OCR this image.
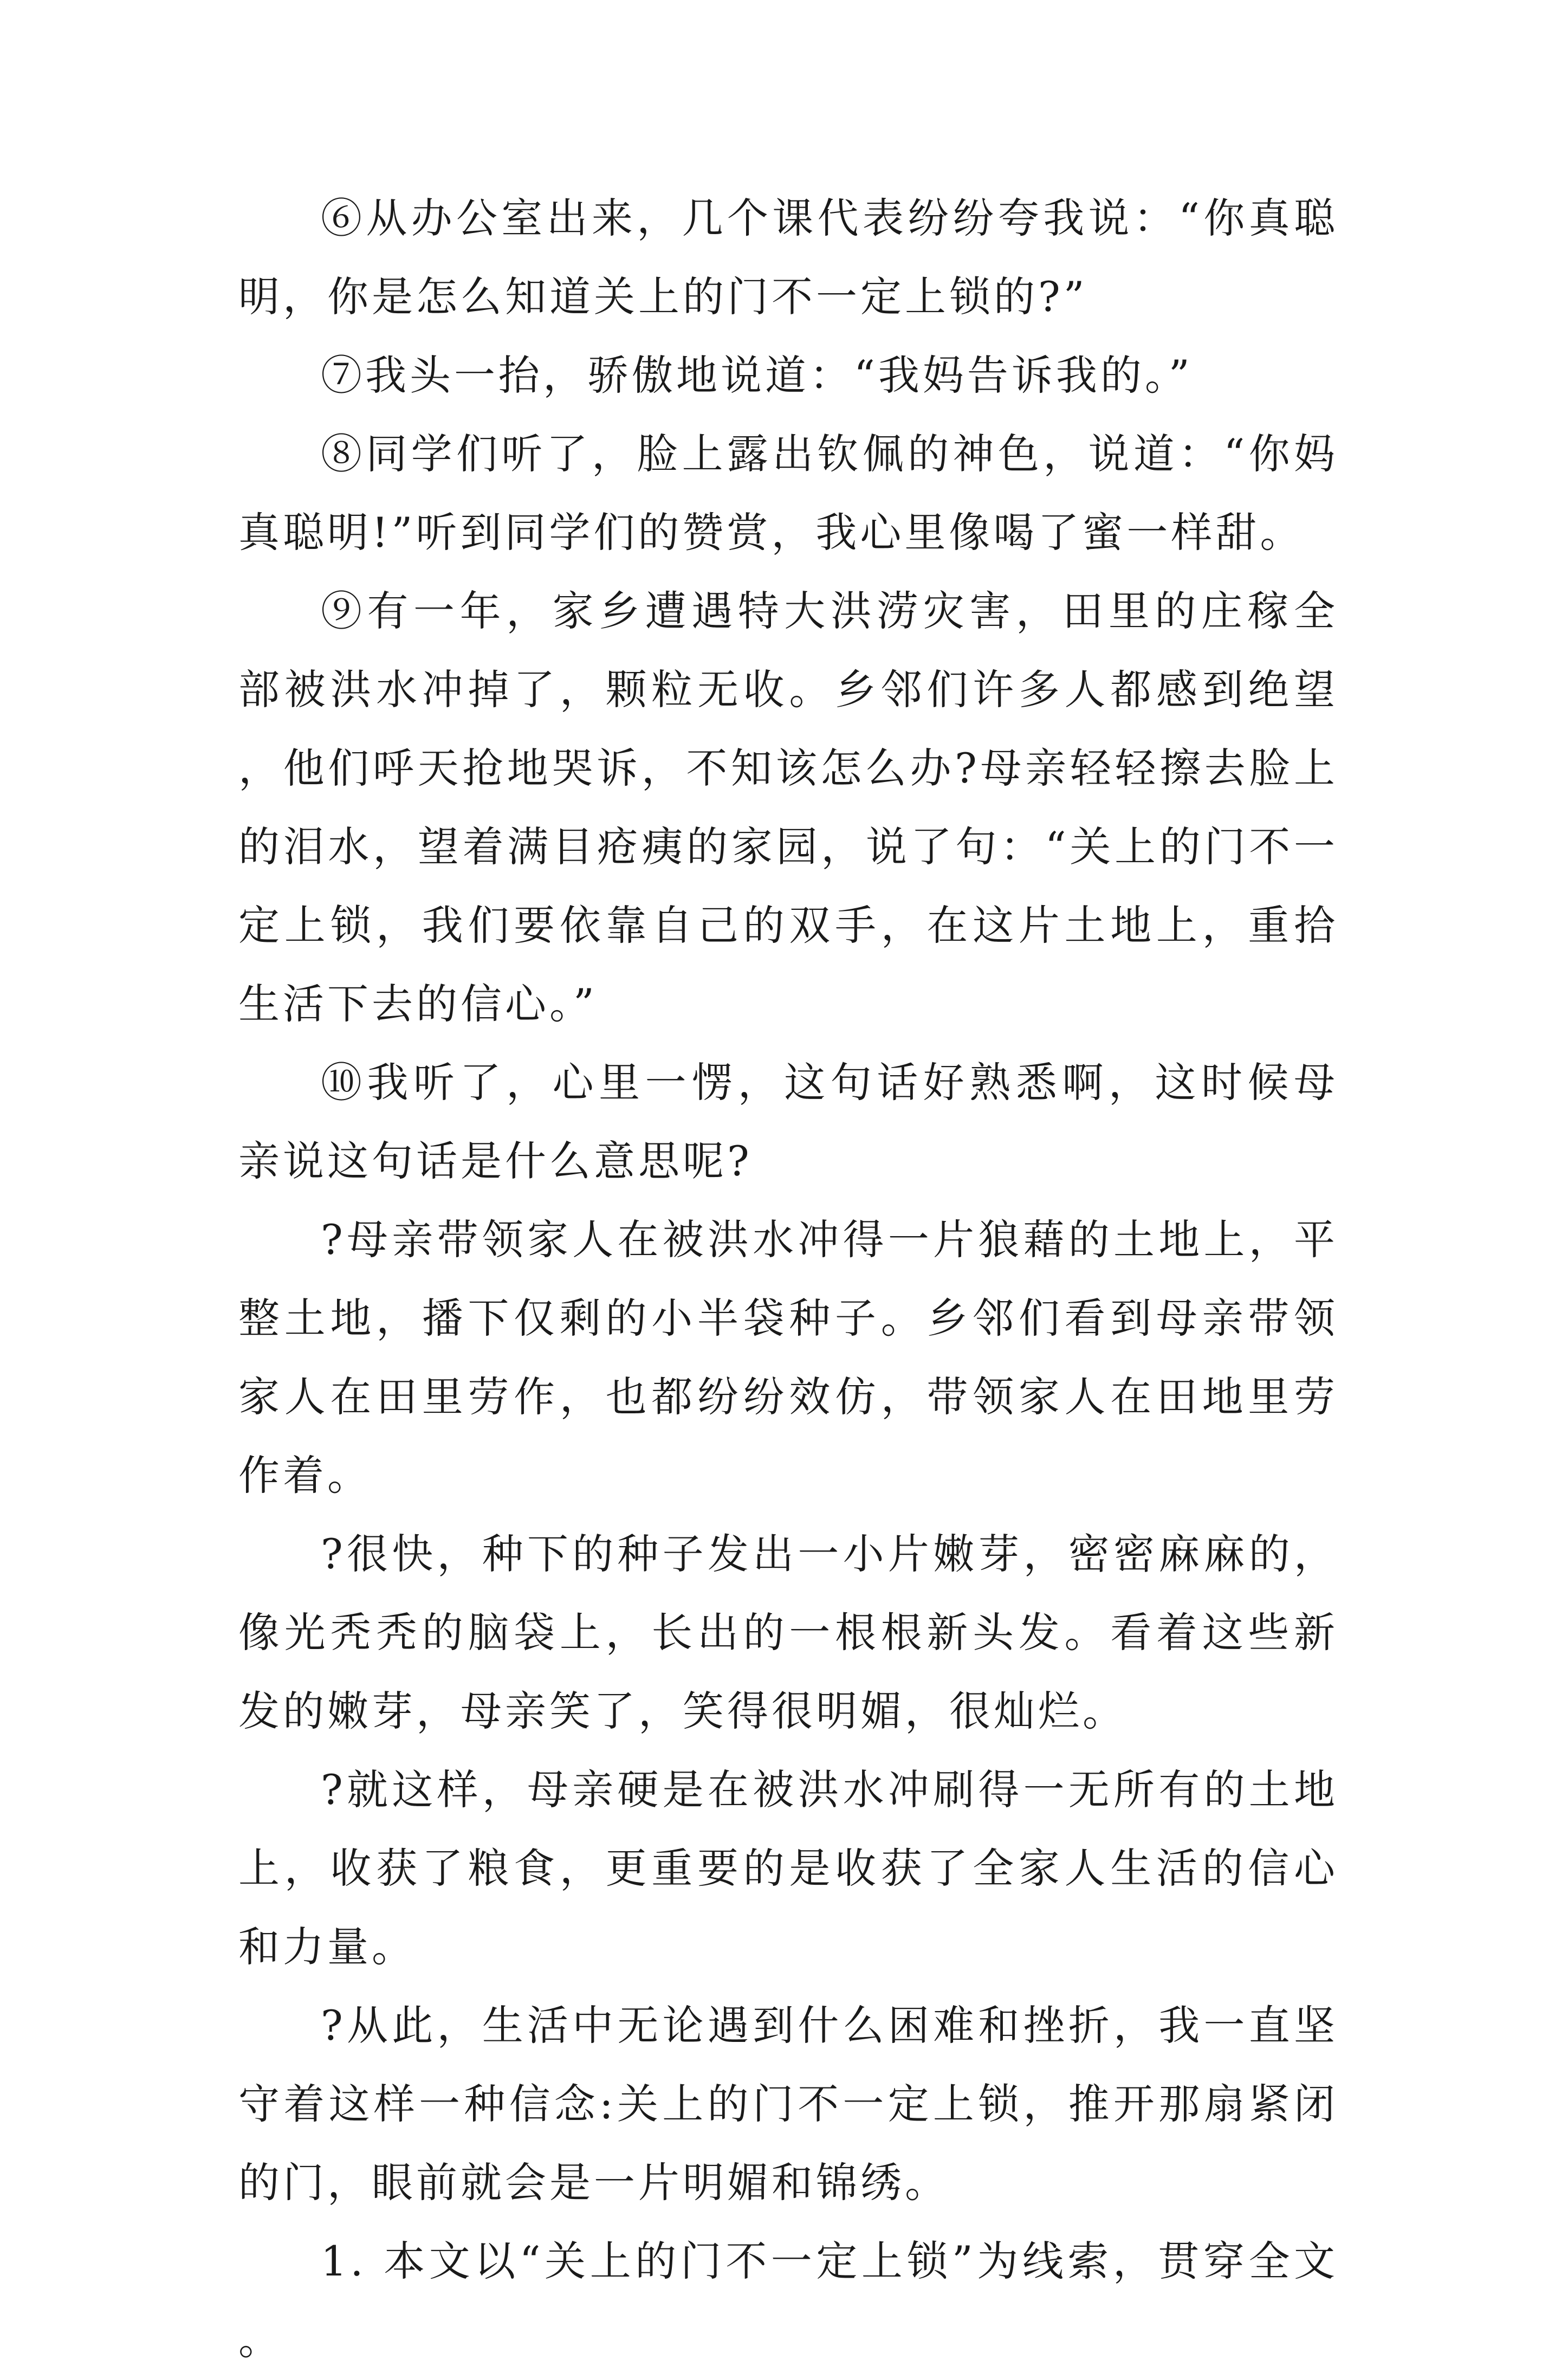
⑥从办公室出来，几个课代表纷纷夸我说：“你真聪明，你是怎么知道关上的门不一定上锁的?”

⑦我头一抬，骄傲地说道：“我妈告诉我的。”

⑧同学们听了，脸上露出钦佩的神色，说道：“你妈真聪明!”听到同学们的赞赏，我心里像喝了蜜一样甜。

⑨有一年，家乡遭遇特大洪涝灾害，田里的庄稼全部被洪水冲掉了，颗粒无收。乡邻们许多人都感到绝望，他们呼天抢地哭诉，不知该怎么办?母亲轻轻擦去脸上的泪水，望着满目疮痍的家园，说了句：“关上的门不一定上锁，我们要依靠自己的双手，在这片土地上，重拾生活下去的信心。”

⑩我听了，心里一愣，这句话好熟悉啊，这时候母亲说这句话是什么意思呢?

?母亲带领家人在被洪水冲得一片狼藉的土地上，平整土地，播下仅剩的小半袋种子。乡邻们看到母亲带领家人在田里劳作，也都纷纷效仿，带领家人在田地里劳作着。

?很快，种下的种子发出一小片嫩芽，密密麻麻的，像光秃秃的脑袋上，长出的一根根新头发。看着这些新发的嫩芽，母亲笑了，笑得很明媚，很灿烂。

?就这样，母亲硬是在被洪水冲刷得一无所有的土地上，收获了粮食，更重要的是收获了全家人生活的信心和力量。

?从此，生活中无论遇到什么困难和挫折，我一直坚守着这样一种信念:关上的门不一定上锁，推开那扇紧闭的门，眼前就会是一片明媚和锦绣。

1. 本文以“关上的门不一定上锁”为线索，贯穿全文。
